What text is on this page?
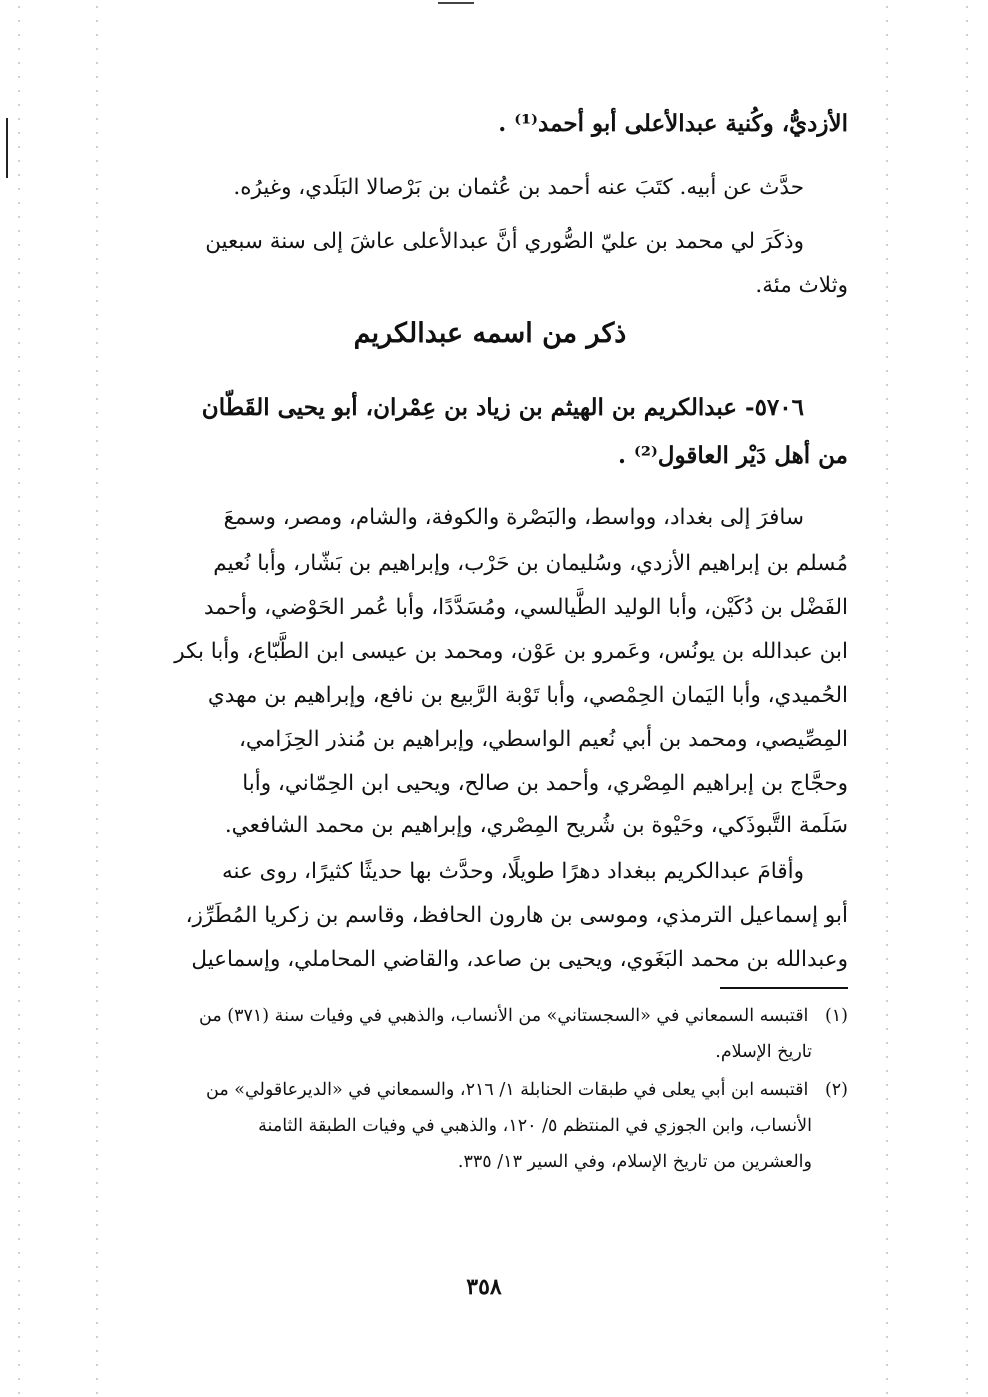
الأزديُّ، وكُنية عبدالأعلى أبو أحمد⁽¹⁾ .
حدَّث عن أبيه. كتَبَ عنه أحمد بن عُثمان بن بَرْصالا البَلَدي، وغيرُه.
وذكَرَ لي محمد بن عليّ الصُّوري أنَّ عبدالأعلى عاشَ إلى سنة سبعين
وثلاث مئة.
ذكر من اسمه عبدالكريم
٥٧٠٦- عبدالكريم بن الهيثم بن زياد بن عِمْران، أبو يحيى القَطّان
من أهل دَيْر العاقول⁽²⁾ .
سافرَ إلى بغداد، وواسط، والبَصْرة والكوفة، والشام، ومصر، وسمعَ
مُسلم بن إبراهيم الأزدي، وسُليمان بن حَرْب، وإبراهيم بن بَشّار، وأبا نُعيم
الفَضْل بن دُكَيْن، وأبا الوليد الطَّيالسي، ومُسَدَّدًا، وأبا عُمر الحَوْضي، وأحمد
ابن عبدالله بن يونُس، وعَمرو بن عَوْن، ومحمد بن عيسى ابن الطَّبّاع، وأبا بكر
الحُميدي، وأبا اليَمان الحِمْصي، وأبا تَوْبة الرَّبيع بن نافع، وإبراهيم بن مهدي
المِصِّيصي، ومحمد بن أبي نُعيم الواسطي، وإبراهيم بن مُنذر الحِزَامي،
وحجَّاج بن إبراهيم المِصْري، وأحمد بن صالح، ويحيى ابن الحِمّاني، وأبا
سَلَمة التَّبوذَكي، وحَيْوة بن شُريح المِصْري، وإبراهيم بن محمد الشافعي.
وأقامَ عبدالكريم ببغداد دهرًا طويلًا، وحدَّث بها حديثًا كثيرًا، روى عنه
أبو إسماعيل الترمذي، وموسى بن هارون الحافظ، وقاسم بن زكريا المُطَرِّز،
وعبدالله بن محمد البَغَوي، ويحيى بن صاعد، والقاضي المحاملي، وإسماعيل
(١) اقتبسه السمعاني في «السجستاني» من الأنساب، والذهبي في وفيات سنة (٣٧١) من
تاريخ الإسلام.
(٢) اقتبسه ابن أبي يعلى في طبقات الحنابلة ١/ ٢١٦، والسمعاني في «الديرعاقولي» من
الأنساب، وابن الجوزي في المنتظم ٥/ ١٢٠، والذهبي في وفيات الطبقة الثامنة
والعشرين من تاريخ الإسلام، وفي السير ١٣/ ٣٣٥.
٣٥٨
